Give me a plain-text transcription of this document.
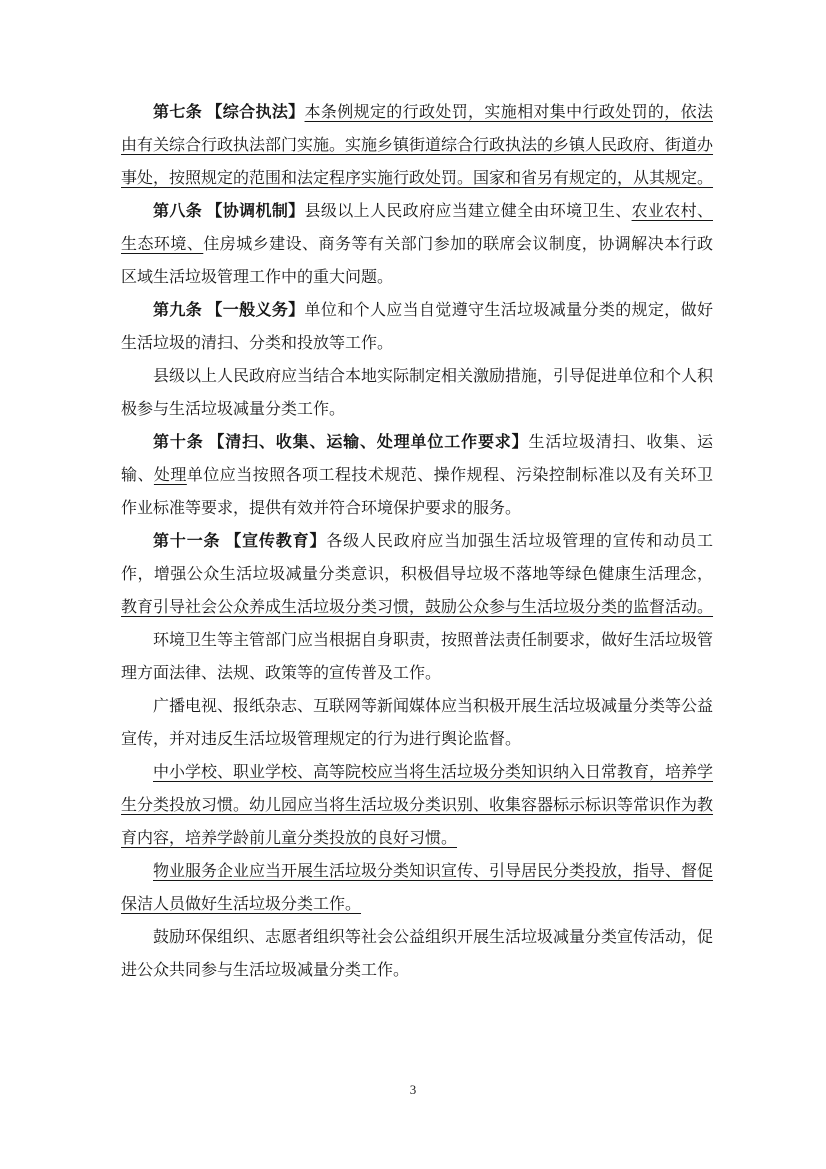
第七条 【综合执法】本条例规定的行政处罚，实施相对集中行政处罚的，依法由有关综合行政执法部门实施。实施乡镇街道综合行政执法的乡镇人民政府、街道办事处，按照规定的范围和法定程序实施行政处罚。国家和省另有规定的，从其规定。

第八条 【协调机制】县级以上人民政府应当建立健全由环境卫生、农业农村、生态环境、住房城乡建设、商务等有关部门参加的联席会议制度，协调解决本行政区域生活垃圾管理工作中的重大问题。

第九条 【一般义务】单位和个人应当自觉遵守生活垃圾减量分类的规定，做好生活垃圾的清扫、分类和投放等工作。

县级以上人民政府应当结合本地实际制定相关激励措施，引导促进单位和个人积极参与生活垃圾减量分类工作。

第十条 【清扫、收集、运输、处理单位工作要求】生活垃圾清扫、收集、运输、处理单位应当按照各项工程技术规范、操作规程、污染控制标准以及有关环卫作业标准等要求，提供有效并符合环境保护要求的服务。

第十一条 【宣传教育】各级人民政府应当加强生活垃圾管理的宣传和动员工作，增强公众生活垃圾减量分类意识，积极倡导垃圾不落地等绿色健康生活理念，教育引导社会公众养成生活垃圾分类习惯，鼓励公众参与生活垃圾分类的监督活动。

环境卫生等主管部门应当根据自身职责，按照普法责任制要求，做好生活垃圾管理方面法律、法规、政策等的宣传普及工作。

广播电视、报纸杂志、互联网等新闻媒体应当积极开展生活垃圾减量分类等公益宣传，并对违反生活垃圾管理规定的行为进行舆论监督。

中小学校、职业学校、高等院校应当将生活垃圾分类知识纳入日常教育，培养学生分类投放习惯。幼儿园应当将生活垃圾分类识别、收集容器标示标识等常识作为教育内容，培养学龄前儿童分类投放的良好习惯。

物业服务企业应当开展生活垃圾分类知识宣传、引导居民分类投放，指导、督促保洁人员做好生活垃圾分类工作。

鼓励环保组织、志愿者组织等社会公益组织开展生活垃圾减量分类宣传活动，促进公众共同参与生活垃圾减量分类工作。

3
